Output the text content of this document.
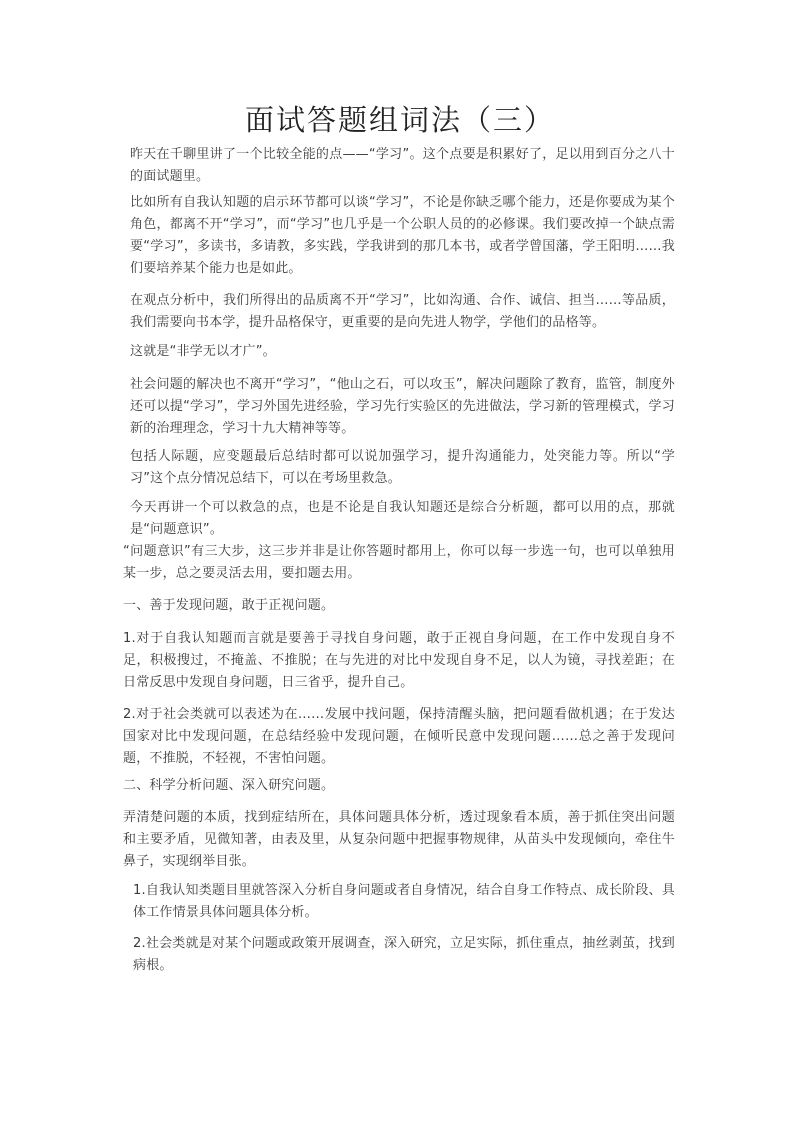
面试答题组词法（三）
昨天在千聊里讲了一个比较全能的点——“学习”。这个点要是积累好了，足以用到百分之八十的面试题里。
比如所有自我认知题的启示环节都可以谈“学习”，不论是你缺乏哪个能力，还是你要成为某个角色，都离不开“学习”，而“学习”也几乎是一个公职人员的的必修课。我们要改掉一个缺点需要“学习”，多读书，多请教，多实践，学我讲到的那几本书，或者学曾国藩，学王阳明……我们要培养某个能力也是如此。
在观点分析中，我们所得出的品质离不开“学习”，比如沟通、合作、诚信、担当……等品质，我们需要向书本学，提升品格保守，更重要的是向先进人物学，学他们的品格等。
这就是“非学无以才广”。
社会问题的解决也不离开“学习”，“他山之石，可以攻玉”，解决问题除了教育，监管，制度外还可以提“学习”，学习外国先进经验，学习先行实验区的先进做法，学习新的管理模式，学习新的治理理念，学习十九大精神等等。
包括人际题，应变题最后总结时都可以说加强学习，提升沟通能力，处突能力等。所以“学习”这个点分情况总结下，可以在考场里救急。
今天再讲一个可以救急的点，也是不论是自我认知题还是综合分析题，都可以用的点，那就是“问题意识”。
“问题意识”有三大步，这三步并非是让你答题时都用上，你可以每一步选一句，也可以单独用某一步，总之要灵活去用，要扣题去用。
一、善于发现问题，敢于正视问题。
1.对于自我认知题而言就是要善于寻找自身问题，敢于正视自身问题，在工作中发现自身不足，积极搜过，不掩盖、不推脱；在与先进的对比中发现自身不足，以人为镜，寻找差距；在日常反思中发现自身问题，日三省乎，提升自己。
2.对于社会类就可以表述为在……发展中找问题，保持清醒头脑，把问题看做机遇；在于发达国家对比中发现问题，在总结经验中发现问题，在倾听民意中发现问题……总之善于发现问题，不推脱，不轻视，不害怕问题。
二、科学分析问题、深入研究问题。
弄清楚问题的本质，找到症结所在，具体问题具体分析，透过现象看本质，善于抓住突出问题和主要矛盾，见微知著，由表及里，从复杂问题中把握事物规律，从苗头中发现倾向，牵住牛鼻子，实现纲举目张。
1.自我认知类题目里就答深入分析自身问题或者自身情况，结合自身工作特点、成长阶段、具体工作情景具体问题具体分析。
2.社会类就是对某个问题或政策开展调查，深入研究，立足实际，抓住重点，抽丝剥茧，找到病根。
